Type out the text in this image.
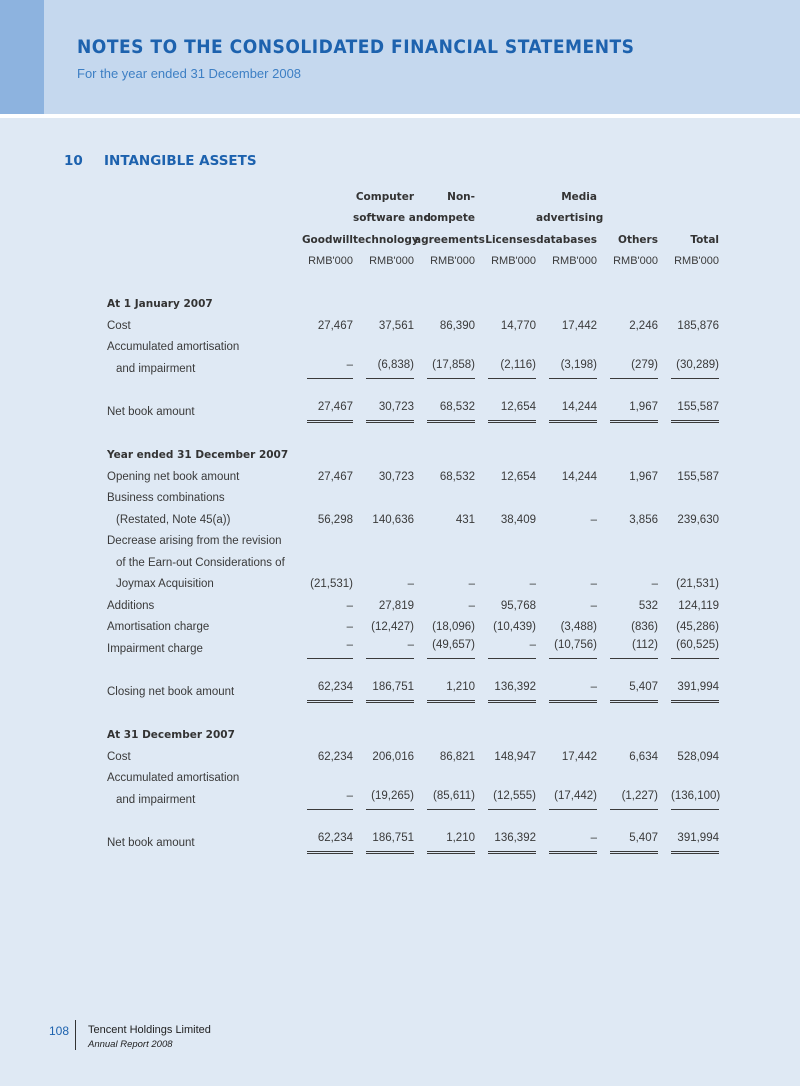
NOTES TO THE CONSOLIDATED FINANCIAL STATEMENTS

For the year ended 31 December 2008

10 INTANGIBLE ASSETS
		Computer	Non-		Media			
		software and	compete		advertising			
	Goodwill	technology	agreements	Licenses	databases	Others	Total	
	RMB'000	RMB'000	RMB'000	RMB'000	RMB'000	RMB'000	RMB'000	

At 1 January 2007								
Cost	27,467	37,561	86,390	14,770	17,442	2,246	185,876	

Accumulated amortisation								
and impairment	–	(6,838)	(17,858)	(2,116)	(3,198)	(279)	(30,289)	

Net book amount	27,467	30,723	68,532	12,654	14,244	1,967	155,587	

Year ended 31 December 2007								
Opening net book amount	27,467	30,723	68,532	12,654	14,244	1,967	155,587	

Business combinations								
(Restated, Note 45(a))	56,298	140,636	431	38,409	–	3,856	239,630	

Decrease arising from the revision								
of the Earn-out Considerations of								
Joymax Acquisition	(21,531)	–	–	–	–	–	(21,531)	

Additions	–	27,819	–	95,768	–	532	124,119	

Amortisation charge	–	(12,427)	(18,096)	(10,439)	(3,488)	(836)	(45,286)	

Impairment charge	–	–	(49,657)	–	(10,756)	(112)	(60,525)	

Closing net book amount	62,234	186,751	1,210	136,392	–	5,407	391,994	

At 31 December 2007								
Cost	62,234	206,016	86,821	148,947	17,442	6,634	528,094	

Accumulated amortisation								
and impairment	–	(19,265)	(85,611)	(12,555)	(17,442)	(1,227)	(136,100)	

Net book amount	62,234	186,751	1,210	136,392	–	5,407	391,994	

108 Tencent Holdings Limited
Annual Report 2008
